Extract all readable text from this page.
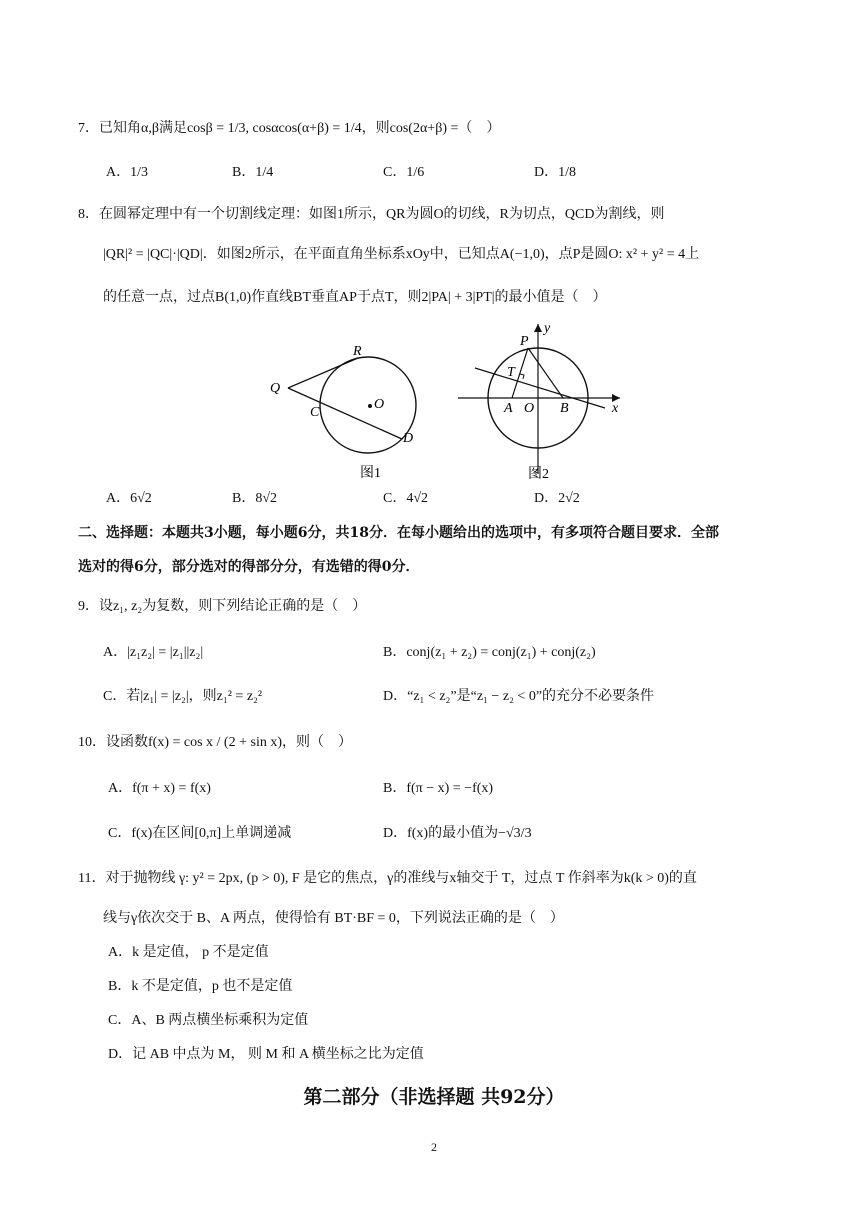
7．已知角α,β满足cosβ = 1/3, cosαcos(α+β) = 1/4，则cos(2α+β) =（　）
A．1/3	B．1/4	C．1/6	D．1/8
8．在圆幂定理中有一个切割线定理：如图1所示，QR为圆O的切线，R为切点，QCD为割线，则
|QR|² = |QC|·|QD|．如图2所示，在平面直角坐标系xOy中，已知点A(−1,0)，点P是圆O: x² + y² = 4上
的任意一点，过点B(1,0)作直线BT垂直AP于点T，则2|PA| + 3|PT|的最小值是（　）
Q
R
C
O
D
图1
y
P
T
A O B	x
图2
A．6√2	B．8√2	C．4√2	D．2√2
二、选择题：本题共3小题，每小题6分，共18分．在每小题给出的选项中，有多项符合题目要求．全部
选对的得6分，部分选对的得部分分，有选错的得0分．
9．设z₁, z₂为复数，则下列结论正确的是（　）
A．|z₁z₂| = |z₁||z₂|	B．conj(z₁ + z₂) = conj(z₁) + conj(z₂)
C．若|z₁| = |z₂|，则z₁² = z₂²	D．“z₁ < z₂”是“z₁ − z₂ < 0”的充分不必要条件
10．设函数f(x) = cos x / (2 + sin x)，则（　）
A．f(π + x) = f(x)	B．f(π − x) = −f(x)
C．f(x)在区间[0,π]上单调递减	D．f(x)的最小值为−√3/3
11．对于抛物线 γ: y² = 2px, (p > 0), F 是它的焦点，γ的准线与x轴交于 T，过点 T 作斜率为k(k > 0)的直
线与γ依次交于 B、A 两点，使得恰有 BT·BF = 0，下列说法正确的是（　）
A．k 是定值， p 不是定值
B．k 不是定值，p 也不是定值
C．A、B 两点横坐标乘积为定值
D．记 AB 中点为 M， 则 M 和 A 横坐标之比为定值
第二部分（非选择题 共92分）
2
